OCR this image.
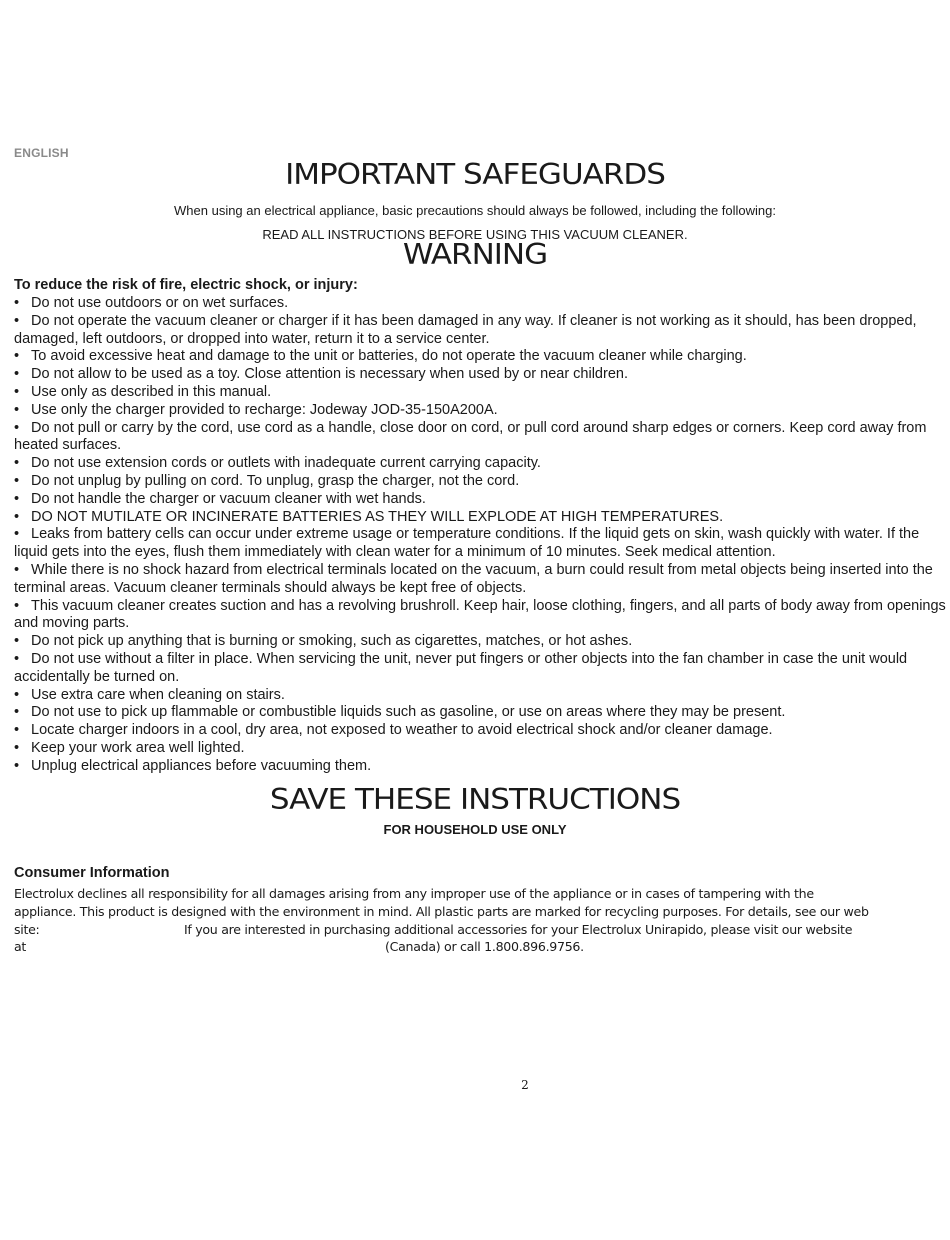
ENGLISH
IMPORTANT SAFEGUARDS
When using an electrical appliance, basic precautions should always be followed, including the following:
READ ALL INSTRUCTIONS BEFORE USING THIS VACUUM CLEANER.
WARNING
To reduce the risk of fire, electric shock, or injury:
• Do not use outdoors or on wet surfaces.
• Do not operate the vacuum cleaner or charger if it has been damaged in any way. If cleaner is not working as it should, has been dropped, damaged, left outdoors, or dropped into water, return it to a service center.
• To avoid excessive heat and damage to the unit or batteries, do not operate the vacuum cleaner while charging.
• Do not allow to be used as a toy. Close attention is necessary when used by or near children.
• Use only as described in this manual.
• Use only the charger provided to recharge: Jodeway JOD-35-150A200A.
• Do not pull or carry by the cord, use cord as a handle, close door on cord, or pull cord around sharp edges or corners. Keep cord away from heated surfaces.
• Do not use extension cords or outlets with inadequate current carrying capacity.
• Do not unplug by pulling on cord. To unplug, grasp the charger, not the cord.
• Do not handle the charger or vacuum cleaner with wet hands.
• DO NOT MUTILATE OR INCINERATE BATTERIES AS THEY WILL EXPLODE AT HIGH TEMPERATURES.
• Leaks from battery cells can occur under extreme usage or temperature conditions. If the liquid gets on skin, wash quickly with water. If the liquid gets into the eyes, flush them immediately with clean water for a minimum of 10 minutes. Seek medical attention.
• While there is no shock hazard from electrical terminals located on the vacuum, a burn could result from metal objects being inserted into the terminal areas. Vacuum cleaner terminals should always be kept free of objects.
• This vacuum cleaner creates suction and has a revolving brushroll. Keep hair, loose clothing, fingers, and all parts of body away from openings and moving parts.
• Do not pick up anything that is burning or smoking, such as cigarettes, matches, or hot ashes.
• Do not use without a filter in place. When servicing the unit, never put fingers or other objects into the fan chamber in case the unit would accidentally be turned on.
• Use extra care when cleaning on stairs.
• Do not use to pick up flammable or combustible liquids such as gasoline, or use on areas where they may be present.
• Locate charger indoors in a cool, dry area, not exposed to weather to avoid electrical shock and/or cleaner damage.
• Keep your work area well lighted.
• Unplug electrical appliances before vacuuming them.
SAVE THESE INSTRUCTIONS
FOR HOUSEHOLD USE ONLY
Consumer Information
Electrolux declines all responsibility for all damages arising from any improper use of the appliance or in cases of tampering with the
appliance. This product is designed with the environment in mind. All plastic parts are marked for recycling purposes. For details, see our web
site:	If you are interested in purchasing additional accessories for your Electrolux Unirapido, please visit our website
at	(Canada) or call 1.800.896.9756.
2
